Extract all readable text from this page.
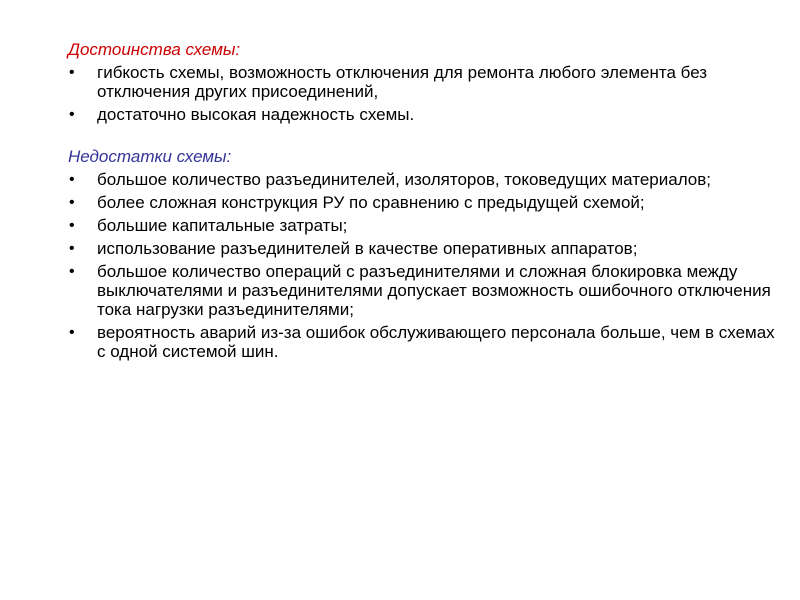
Достоинства схемы:

• гибкость схемы, возможность отключения для ремонта любого элемента без отключения других присоединений,
• достаточно высокая надежность схемы.

Недостатки схемы:

• большое количество разъединителей, изоляторов, токоведущих материалов;
• более сложная конструкция РУ по сравнению с предыдущей схемой;
• большие капитальные затраты;
• использование разъединителей в качестве оперативных аппаратов;
• большое количество операций с разъединителями и сложная блокировка между выключателями и разъединителями допускает возможность ошибочного отключения тока нагрузки разъединителями;
• вероятность аварий из-за ошибок обслуживающего персонала больше, чем в схемах с одной системой шин.
